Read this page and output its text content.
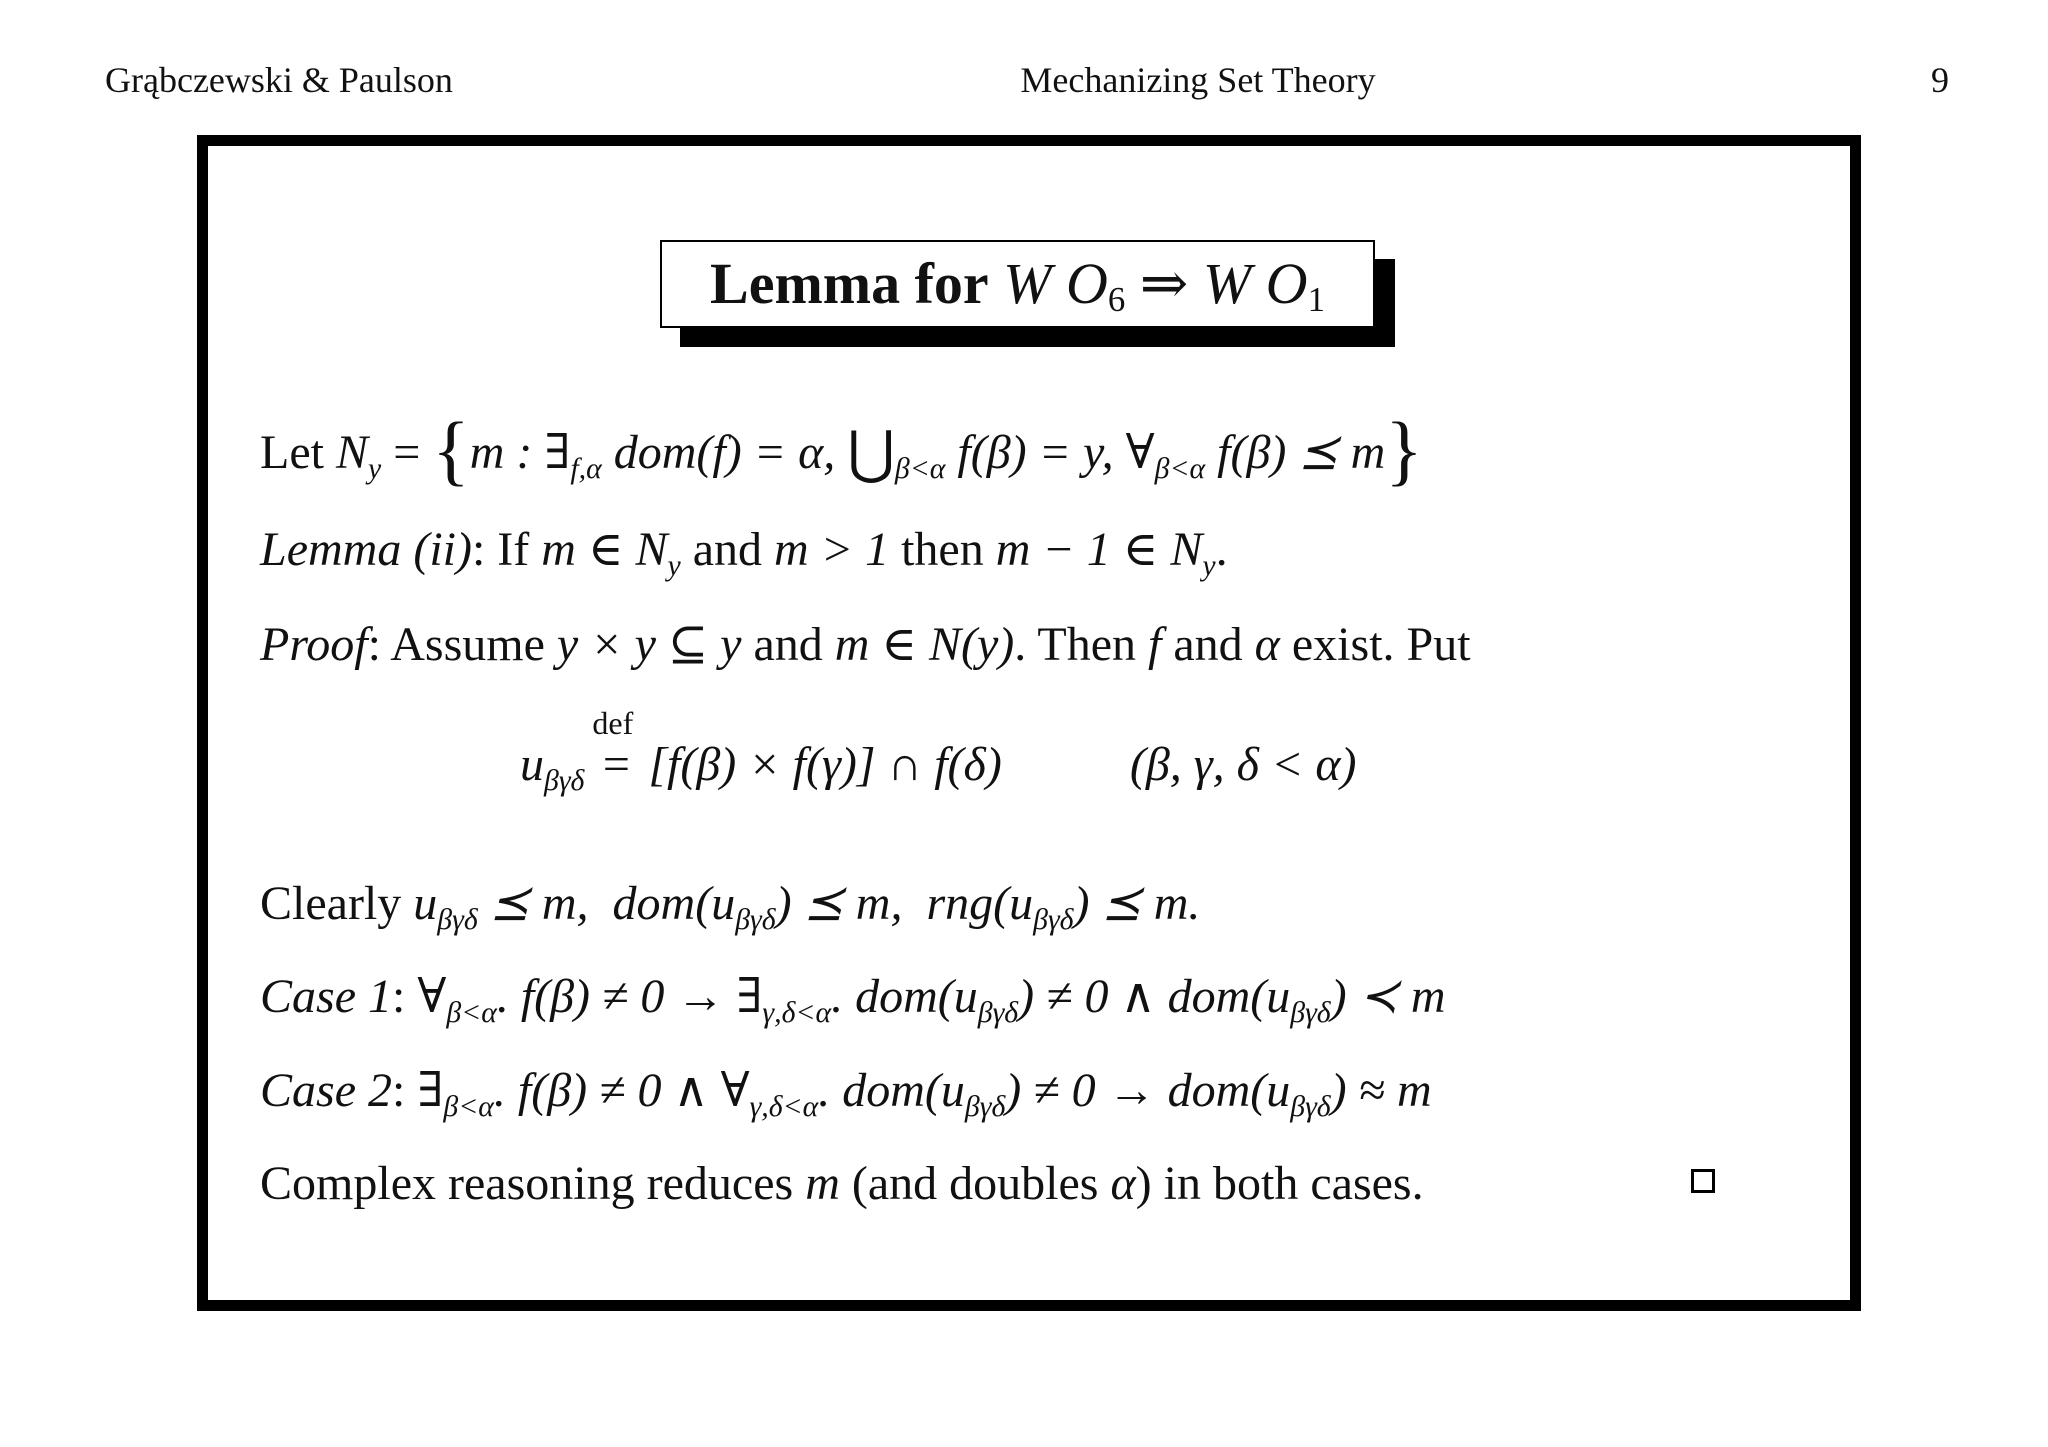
Grąbczewski & Paulson	Mechanizing Set Theory	9
Lemma for W $O_6$ ⇒ W $O_1$
Let $N_y = \{m$ : $\exists_{f,\alpha}$ dom(f) = α, $⋃_{\beta<\alpha}$ f(β) = y, $\forall_{\beta<\alpha}$ f(β) ⪯ m}
Lemma (ii): If m ∈ $N_y$ and m > 1 then m − 1 ∈ $N_y$.
Proof: Assume y × y ⊆ y and m ∈ N(y). Then f and α exist. Put
$u_{\beta\gamma\delta}$
def
= [f(β) × f(γ)] ∩ f(δ)	(β, γ, δ < α)
Clearly $u_{\beta\gamma\delta}$ ⪯ m, $dom(u_{\beta\gamma\delta})$ ⪯ m, $rng(u_{\beta\gamma\delta})$ ⪯ m.
Case 1: $\forall_{\beta<\alpha}$. $f(\beta) \ne 0 \to \exists_{\gamma,\delta<\alpha}$. $dom(u_{\beta\gamma\delta}) \ne 0$ ∧ $dom(u_{\beta\gamma\delta})$ ≺ m
Case 2: $\exists_{\beta<\alpha}$. f(β) ≠ 0 ∧ $\forall_{\gamma,\delta<\alpha}$. $dom(u_{\beta\gamma\delta}) \ne 0 \to dom(u_{\beta\gamma\delta}) \approx m$
Complex reasoning reduces m (and doubles α) in both cases.
